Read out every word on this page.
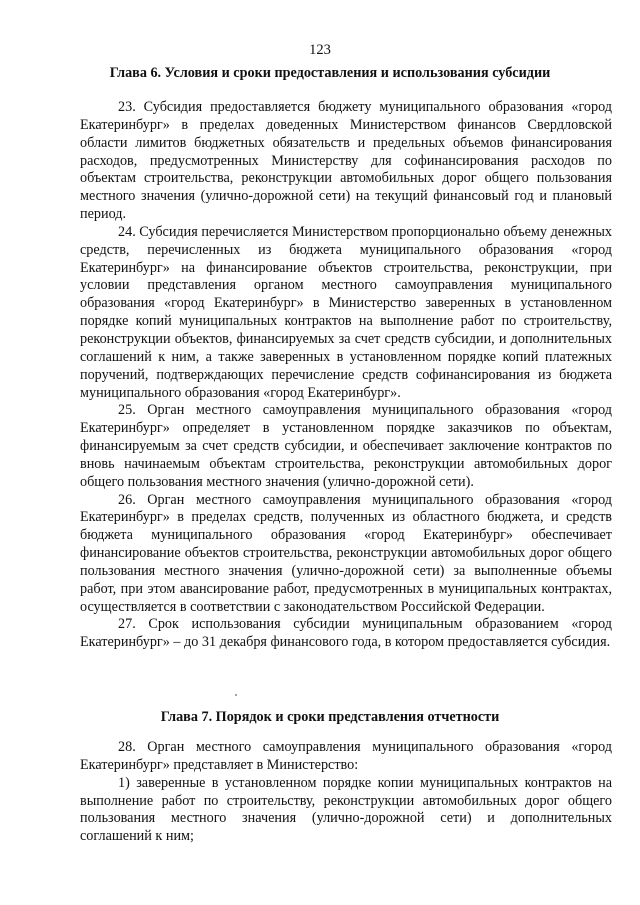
123
Глава 6. Условия и сроки предоставления и использования субсидии

23. Субсидия предоставляется бюджету муниципального образования «город Екатеринбург» в пределах доведенных Министерством финансов Свердловской области лимитов бюджетных обязательств и предельных объемов финансирования расходов, предусмотренных Министерству для софинансирования расходов по объектам строительства, реконструкции автомобильных дорог общего пользования местного значения (улично-дорожной сети) на текущий финансовый год и плановый период.

24. Субсидия перечисляется Министерством пропорционально объему денежных средств, перечисленных из бюджета муниципального образования «город Екатеринбург» на финансирование объектов строительства, реконструкции, при условии представления органом местного самоуправления муниципального образования «город Екатеринбург» в Министерство заверенных в установленном порядке копий муниципальных контрактов на выполнение работ по строительству, реконструкции объектов, финансируемых за счет средств субсидии, и дополнительных соглашений к ним, а также заверенных в установленном порядке копий платежных поручений, подтверждающих перечисление средств софинансирования из бюджета муниципального образования «город Екатеринбург».

25. Орган местного самоуправления муниципального образования «город Екатеринбург» определяет в установленном порядке заказчиков по объектам, финансируемым за счет средств субсидии, и обеспечивает заключение контрактов по вновь начинаемым объектам строительства, реконструкции автомобильных дорог общего пользования местного значения (улично-дорожной сети).

26. Орган местного самоуправления муниципального образования «город Екатеринбург» в пределах средств, полученных из областного бюджета, и средств бюджета муниципального образования «город Екатеринбург» обеспечивает финансирование объектов строительства, реконструкции автомобильных дорог общего пользования местного значения (улично-дорожной сети) за выполненные объемы работ, при этом авансирование работ, предусмотренных в муниципальных контрактах, осуществляется в соответствии с законодательством Российской Федерации.

27. Срок использования субсидии муниципальным образованием «город Екатеринбург» – до 31 декабря финансового года, в котором предоставляется субсидия.

Глава 7. Порядок и сроки представления отчетности

28. Орган местного самоуправления муниципального образования «город Екатеринбург» представляет в Министерство:

1) заверенные в установленном порядке копии муниципальных контрактов на выполнение работ по строительству, реконструкции автомобильных дорог общего пользования местного значения (улично-дорожной сети) и дополнительных соглашений к ним;
